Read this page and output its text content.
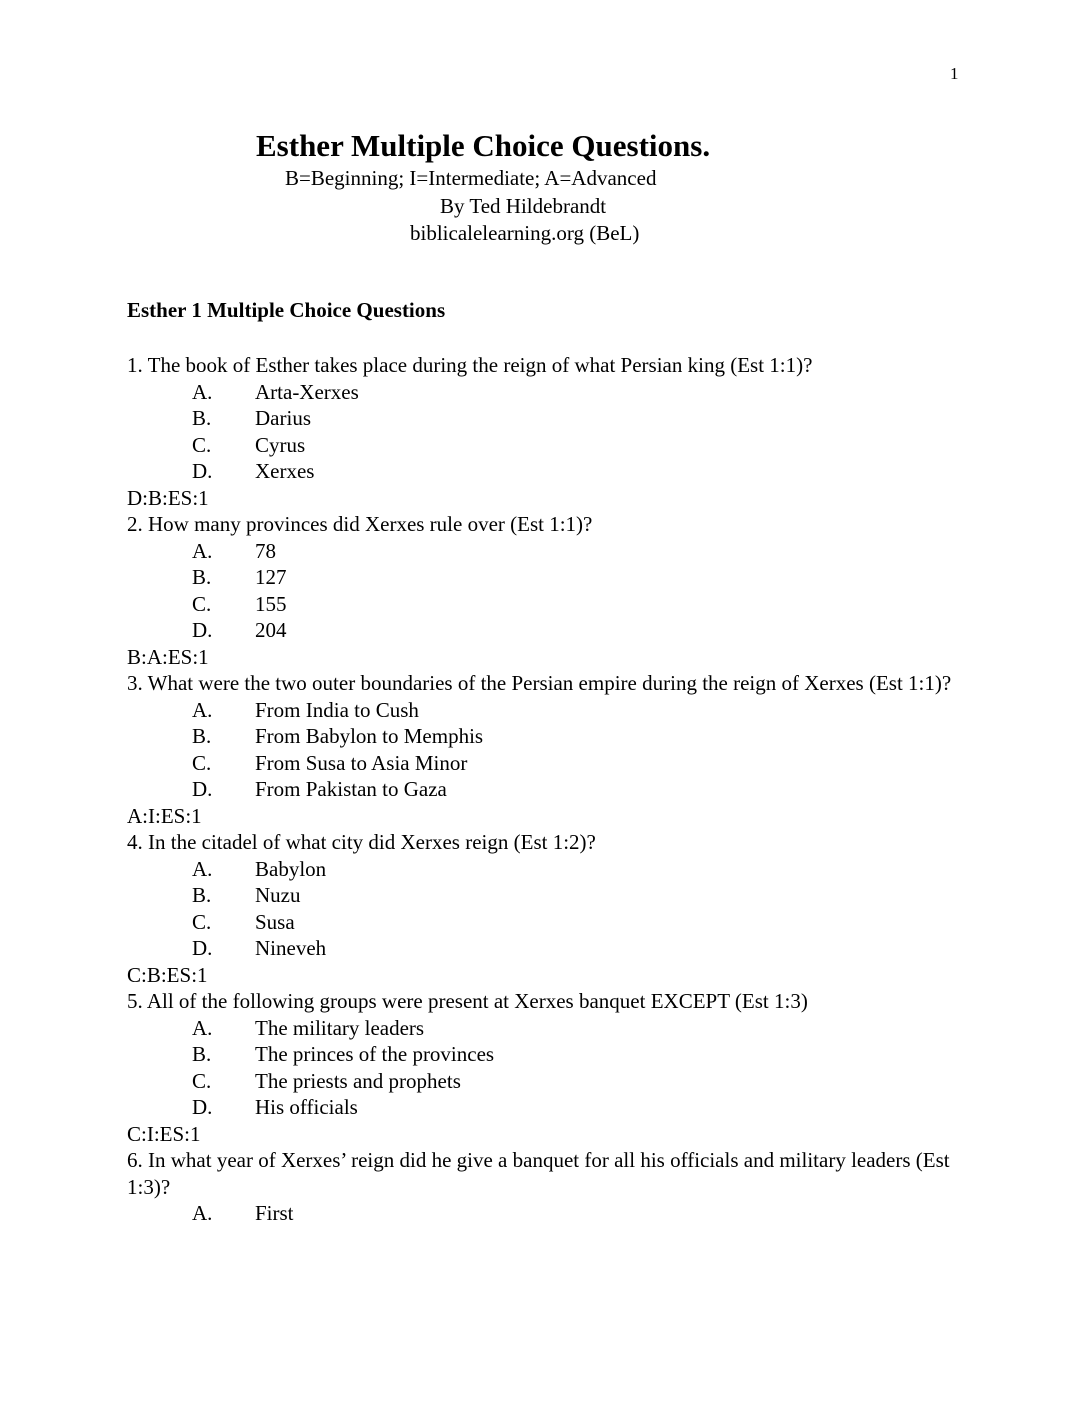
1
Esther Multiple Choice Questions.
B=Beginning; I=Intermediate; A=Advanced
By Ted Hildebrandt
biblicalelearning.org (BeL)
Esther 1 Multiple Choice Questions
1. The book of Esther takes place during the reign of what Persian king (Est 1:1)?
A.	Arta-Xerxes
B.	Darius
C.	Cyrus
D.	Xerxes
D:B:ES:1
2. How many provinces did Xerxes rule over (Est 1:1)?
A.	78
B.	127
C.	155
D.	204
B:A:ES:1
3. What were the two outer boundaries of the Persian empire during the reign of Xerxes (Est 1:1)?
A.	From India to Cush
B.	From Babylon to Memphis
C.	From Susa to Asia Minor
D.	From Pakistan to Gaza
A:I:ES:1
4. In the citadel of what city did Xerxes reign (Est 1:2)?
A.	Babylon
B.	Nuzu
C.	Susa
D.	Nineveh
C:B:ES:1
5. All of the following groups were present at Xerxes banquet EXCEPT (Est 1:3)
A.	The military leaders
B.	The princes of the provinces
C.	The priests and prophets
D.	His officials
C:I:ES:1
6. In what year of Xerxes’ reign did he give a banquet for all his officials and military leaders (Est 1:3)?
A.	First
